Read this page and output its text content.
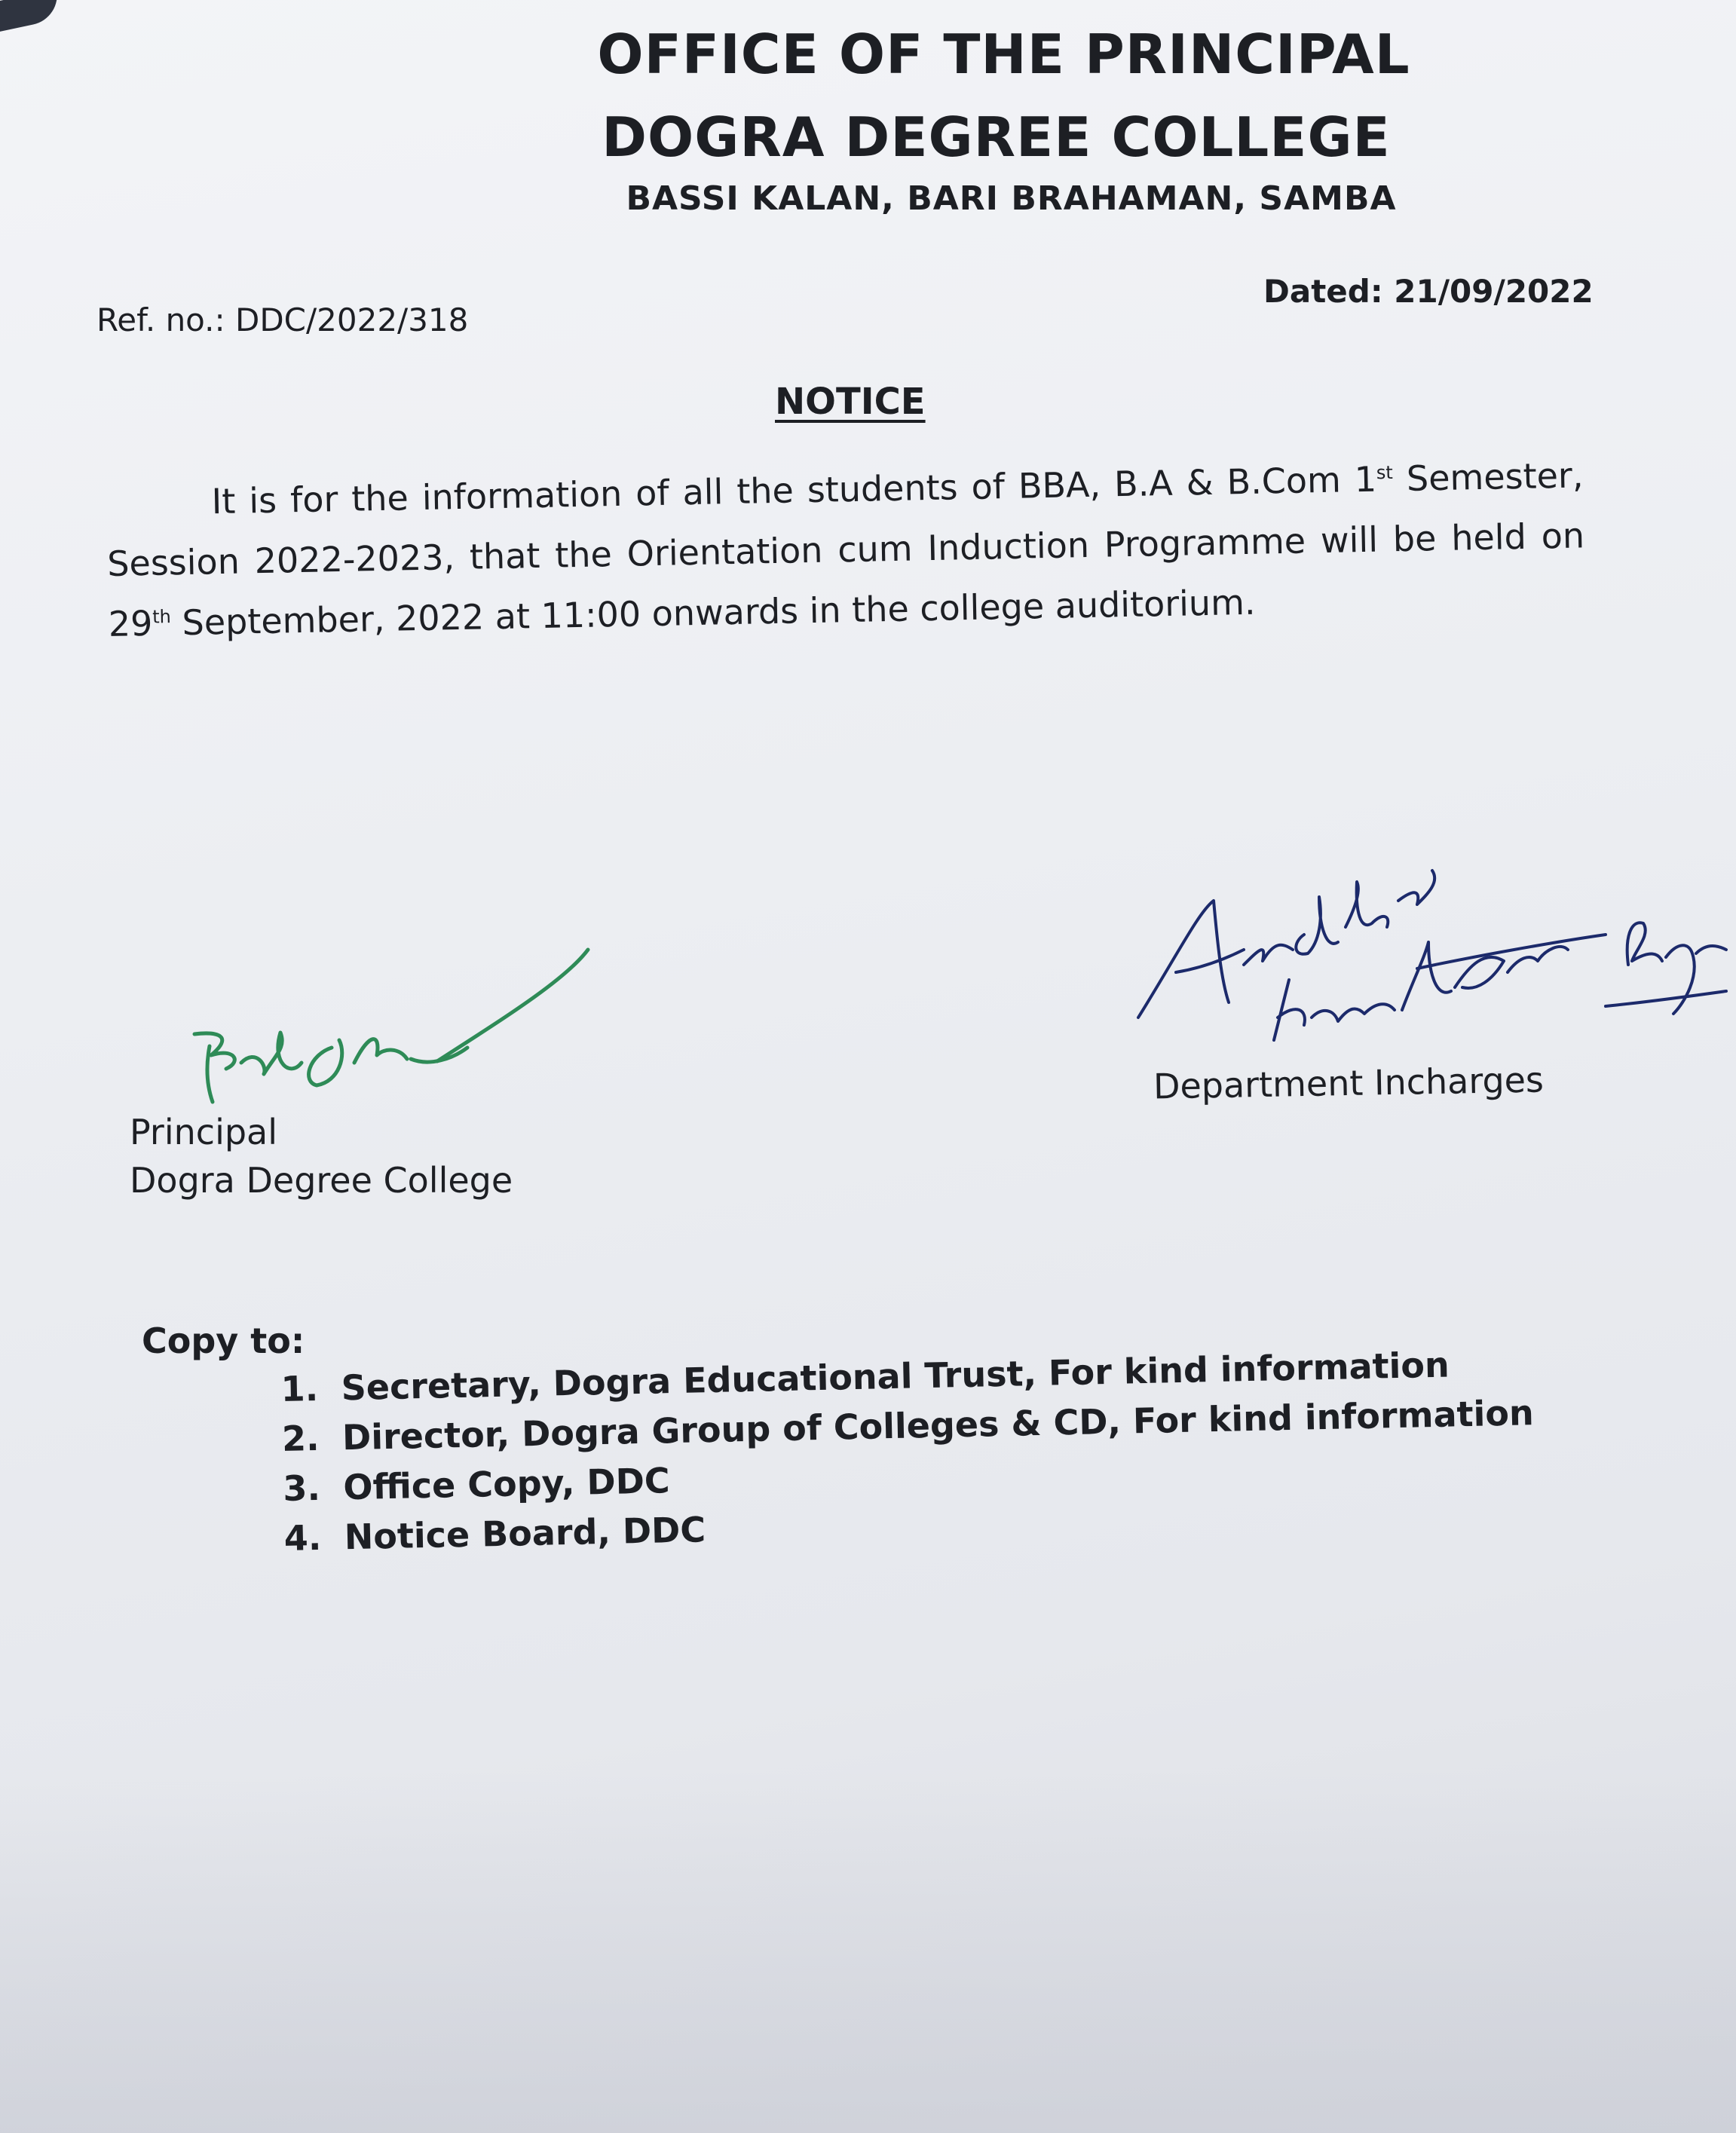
OFFICE OF THE PRINCIPAL
DOGRA DEGREE COLLEGE
BASSI KALAN, BARI BRAHAMAN, SAMBA
Ref. no.: DDC/2022/318
Dated: 21/09/2022
NOTICE
It is for the information of all the students of BBA, B.A & B.Com 1st Semester, Session 2022-2023, that the Orientation cum Induction Programme will be held on 29th September, 2022 at 11:00 onwards in the college auditorium.
Principal
Dogra Degree College
Department Incharges
Copy to:
1. Secretary, Dogra Educational Trust, For kind information
2. Director, Dogra Group of Colleges & CD, For kind information
3. Office Copy, DDC
4. Notice Board, DDC
